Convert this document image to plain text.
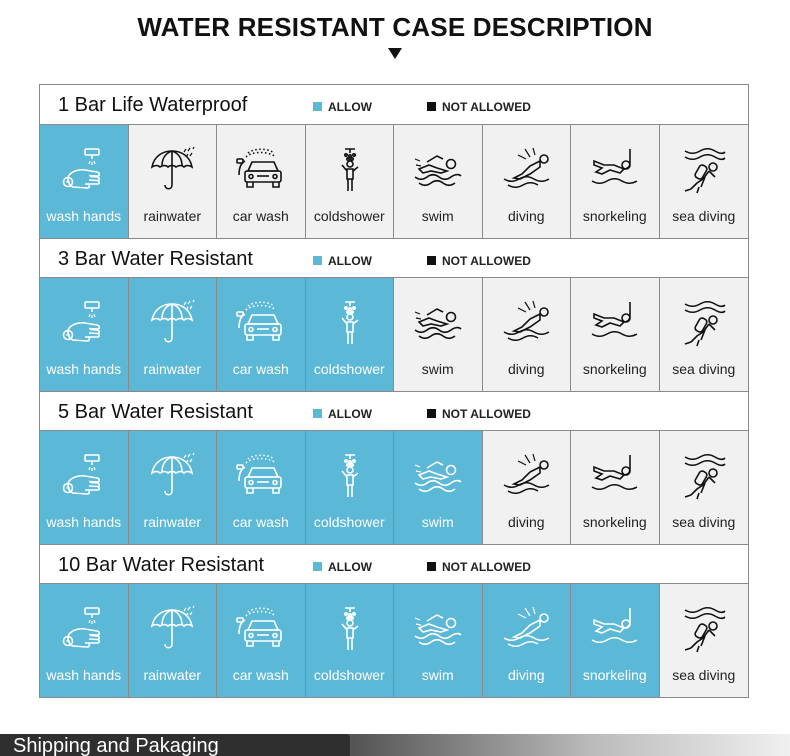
WATER RESISTANT CASE DESCRIPTION
1 Bar Life Waterproof	ALLOW	NOT ALLOWED
wash hands	rainwater	car wash	coldshower	swim	diving	snorkeling	sea diving
3 Bar Water Resistant	ALLOW	NOT ALLOWED
wash hands	rainwater	car wash	coldshower	swim	diving	snorkeling	sea diving
5 Bar Water Resistant	ALLOW	NOT ALLOWED
wash hands	rainwater	car wash	coldshower	swim	diving	snorkeling	sea diving
10 Bar Water Resistant	ALLOW	NOT ALLOWED
wash hands	rainwater	car wash	coldshower	swim	diving	snorkeling	sea diving
Shipping and Pakaging
